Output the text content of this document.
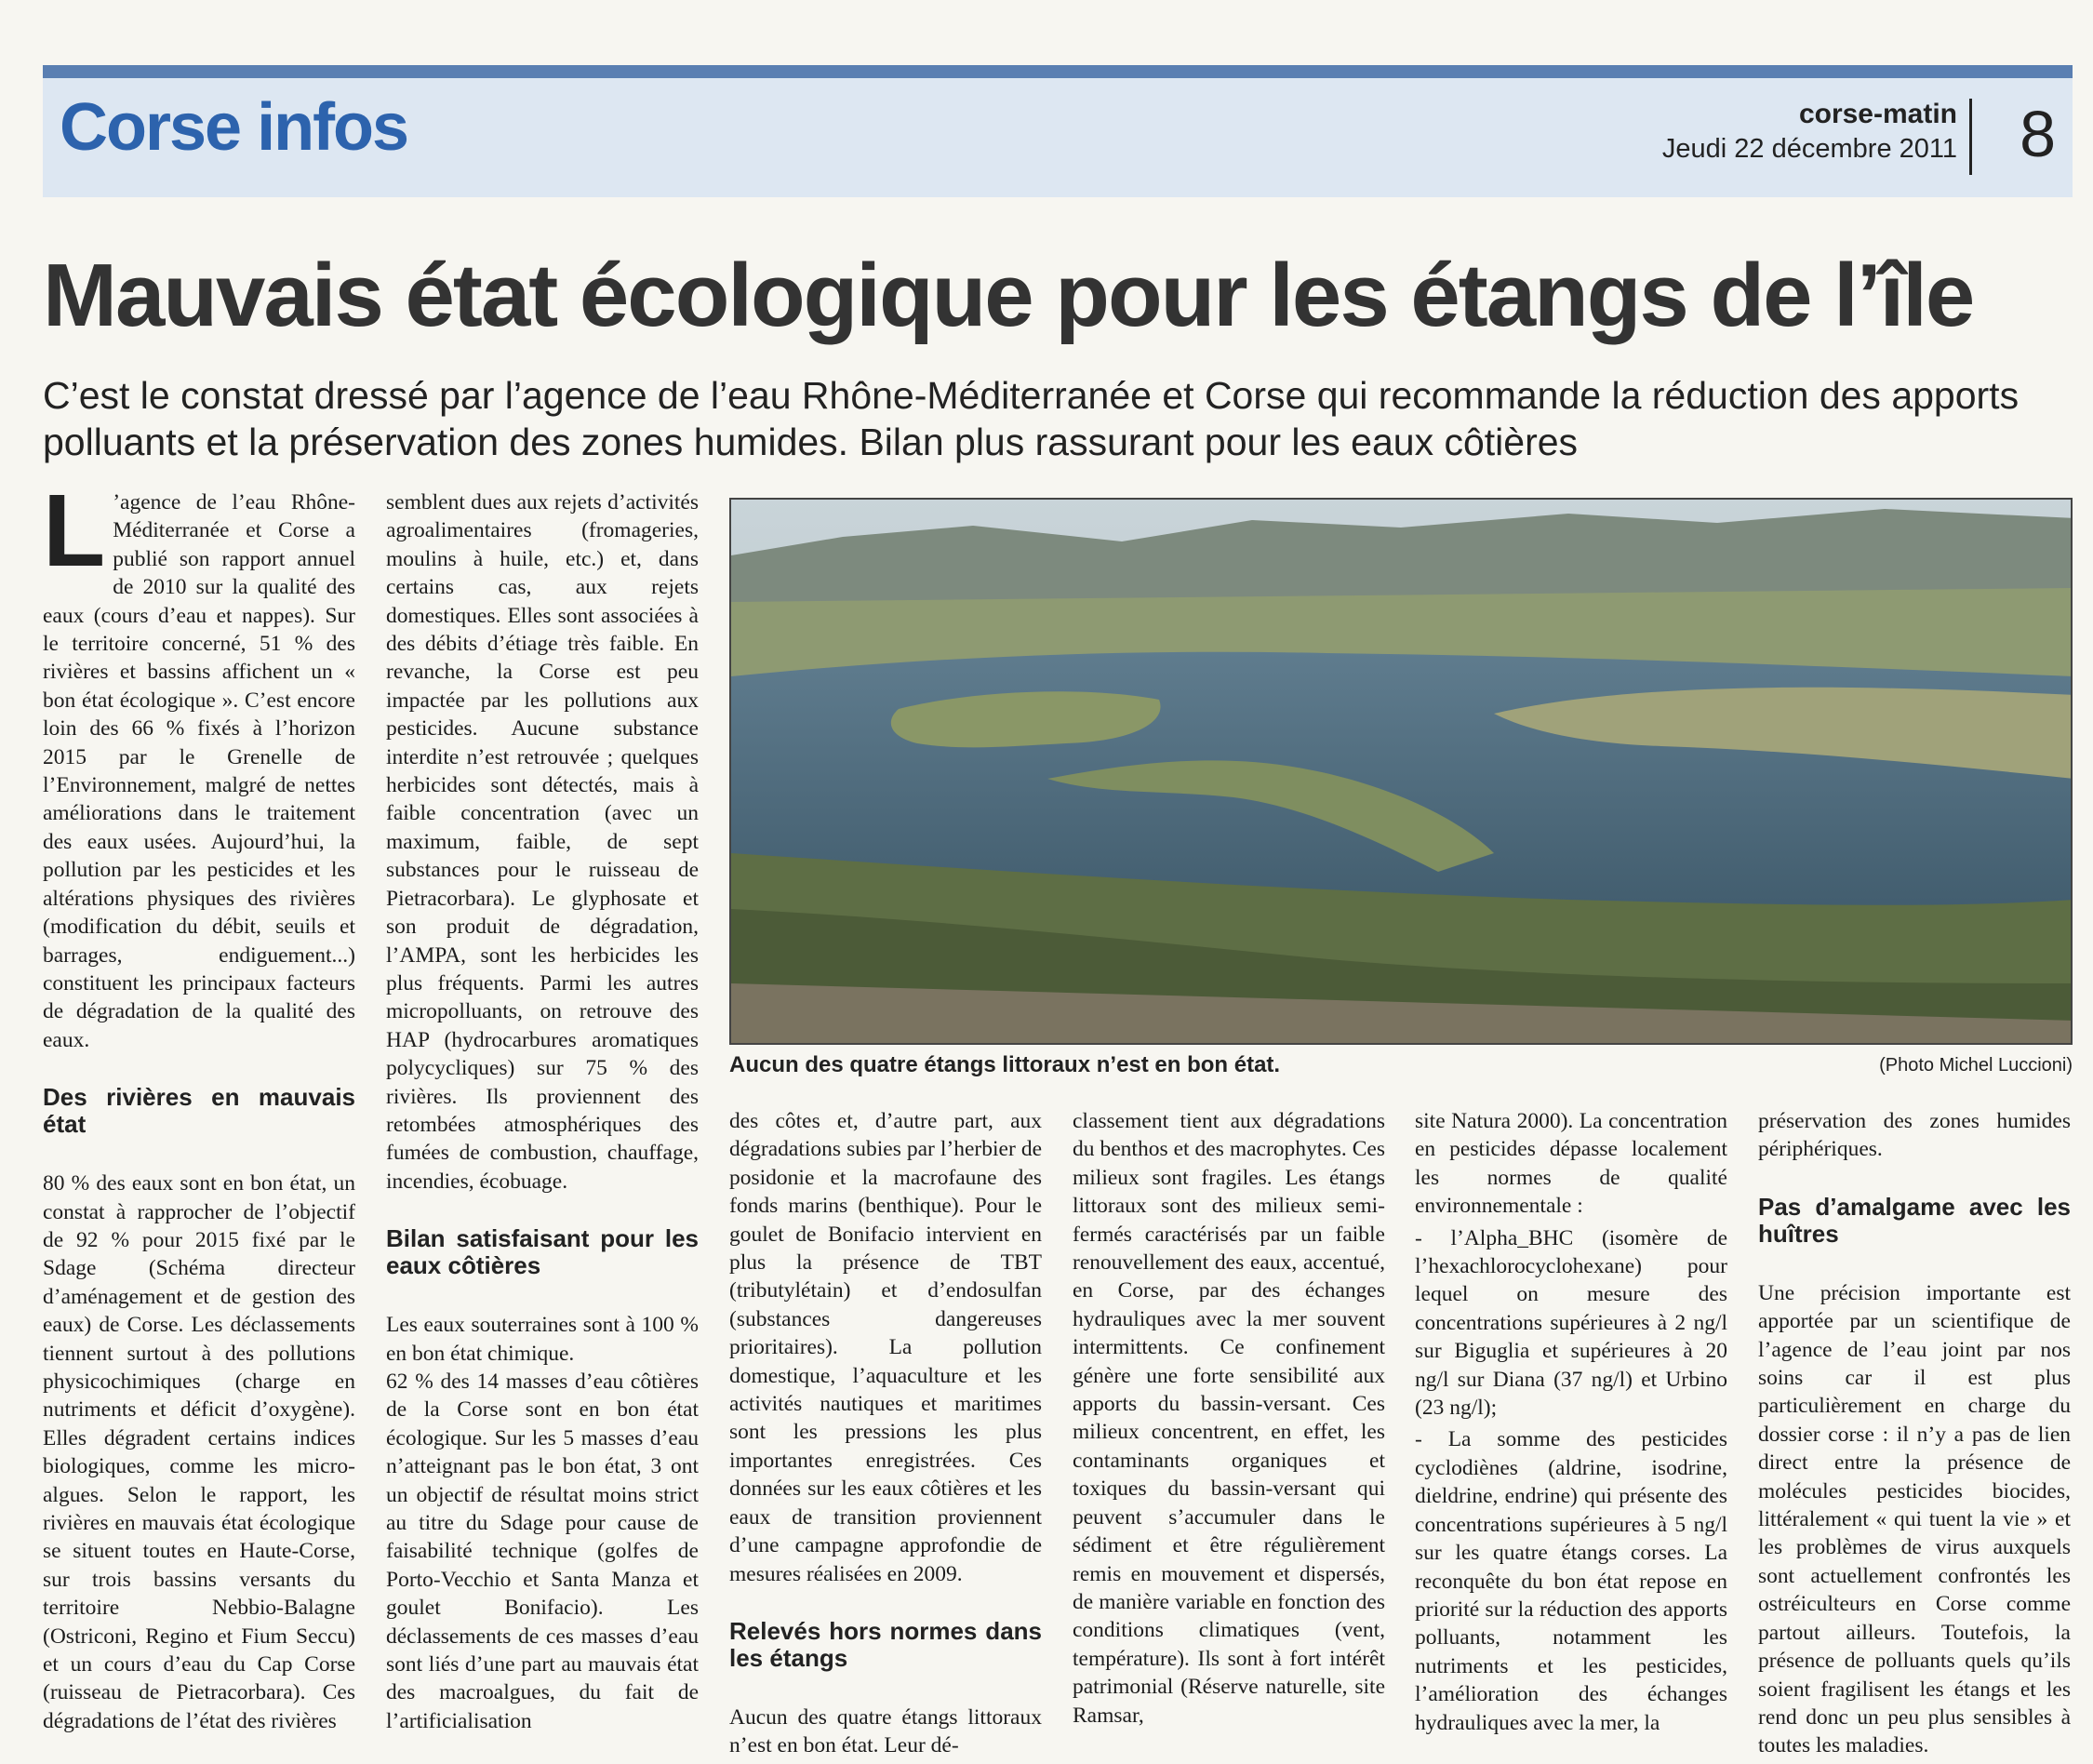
Corse infos	corse-matin
Jeudi 22 décembre 2011 8
Mauvais état écologique pour les étangs de l’île

C’est le constat dressé par l’agence de l’eau Rhône-Méditerranée et Corse qui recommande la réduction des apports polluants et la préservation des zones humides. Bilan plus rassurant pour les eaux côtières

L ’agence de l’eau Rhône-Méditerranée et Corse a publié son rapport annuel de 2010 sur la qualité des eaux (cours d’eau et nappes). Sur le territoire concerné, 51 % des rivières et bassins affichent un « bon état écologique ». C’est encore loin des 66 % fixés à l’horizon 2015 par le Grenelle de l’Environnement, malgré de nettes améliorations dans le traitement des eaux usées. Aujourd’hui, la pollution par les pesticides et les altérations physiques des rivières (modification du débit, seuils et barrages, endiguement...) constituent les principaux facteurs de dégradation de la qualité des eaux.

Des rivières en mauvais état

80 % des eaux sont en bon état, un constat à rapprocher de l’objectif de 92 % pour 2015 fixé par le Sdage (Schéma directeur d’aménagement et de gestion des eaux) de Corse. Les déclassements tiennent surtout à des pollutions physicochimiques (charge en nutriments et déficit d’oxygène). Elles dégradent certains indices biologiques, comme les micro-algues. Selon le rapport, les rivières en mauvais état écologique se situent toutes en Haute-Corse, sur trois bassins versants du territoire Nebbio-Balagne (Ostriconi, Regino et Fium Seccu) et un cours d’eau du Cap Corse (ruisseau de Pietracorbara). Ces dégradations de l’état des rivières

semblent dues aux rejets d’activités agroalimentaires (fromageries, moulins à huile, etc.) et, dans certains cas, aux rejets domestiques. Elles sont associées à des débits d’étiage très faible. En revanche, la Corse est peu impactée par les pollutions aux pesticides. Aucune substance interdite n’est retrouvée ; quelques herbicides sont détectés, mais à faible concentration (avec un maximum, faible, de sept substances pour le ruisseau de Pietracorbara). Le glyphosate et son produit de dégradation, l’AMPA, sont les herbicides les plus fréquents. Parmi les autres micropolluants, on retrouve des HAP (hydrocarbures aromatiques polycycliques) sur 75 % des rivières. Ils proviennent des retombées atmosphériques des fumées de combustion, chauffage, incendies, écobuage.

Bilan satisfaisant pour les eaux côtières

Les eaux souterraines sont à 100 % en bon état chimique.

62 % des 14 masses d’eau côtières de la Corse sont en bon état écologique. Sur les 5 masses d’eau n’atteignant pas le bon état, 3 ont un objectif de résultat moins strict au titre du Sdage pour cause de faisabilité technique (golfes de Porto-Vecchio et Santa Manza et goulet Bonifacio). Les déclassements de ces masses d’eau sont liés d’une part au mauvais état des macroalgues, du fait de l’artificialisation

Aucun des quatre étangs littoraux n’est en bon état.	(Photo Michel Luccioni)

des côtes et, d’autre part, aux dégradations subies par l’herbier de posidonie et la macrofaune des fonds marins (benthique). Pour le goulet de Bonifacio intervient en plus la présence de TBT (tributylétain) et d’endosulfan (substances dangereuses prioritaires). La pollution domestique, l’aquaculture et les activités nautiques et maritimes sont les pressions les plus importantes enregistrées. Ces données sur les eaux côtières et les eaux de transition proviennent d’une campagne approfondie de mesures réalisées en 2009.

Relevés hors normes dans les étangs

Aucun des quatre étangs littoraux n’est en bon état. Leur dé-

classement tient aux dégradations du benthos et des macrophytes. Ces milieux sont fragiles. Les étangs littoraux sont des milieux semi-fermés caractérisés par un faible renouvellement des eaux, accentué, en Corse, par des échanges hydrauliques avec la mer souvent intermittents. Ce confinement génère une forte sensibilité aux apports du bassin-versant. Ces milieux concentrent, en effet, les contaminants organiques et toxiques du bassin-versant qui peuvent s’accumuler dans le sédiment et être régulièrement remis en mouvement et dispersés, de manière variable en fonction des conditions climatiques (vent, température). Ils sont à fort intérêt patrimonial (Réserve naturelle, site Ramsar,

site Natura 2000). La concentration en pesticides dépasse localement les normes de qualité environnementale :

- l’Alpha_BHC (isomère de l’hexachlorocyclohexane) pour lequel on mesure des concentrations supérieures à 2 ng/l sur Biguglia et supérieures à 20 ng/l sur Diana (37 ng/l) et Urbino (23 ng/l);

- La somme des pesticides cyclodiènes (aldrine, isodrine, dieldrine, endrine) qui présente des concentrations supérieures à 5 ng/l sur les quatre étangs corses. La reconquête du bon état repose en priorité sur la réduction des apports polluants, notamment les nutriments et les pesticides, l’amélioration des échanges hydrauliques avec la mer, la

préservation des zones humides périphériques.

Pas d’amalgame avec les huîtres

Une précision importante est apportée par un scientifique de l’agence de l’eau joint par nos soins car il est plus particulièrement en charge du dossier corse : il n’y a pas de lien direct entre la présence de molécules pesticides biocides, littéralement « qui tuent la vie » et les problèmes de virus auxquels sont actuellement confrontés les ostréiculteurs en Corse comme partout ailleurs. Toutefois, la présence de polluants quels qu’ils soient fragilisent les étangs et les rend donc un peu plus sensibles à toutes les maladies.
